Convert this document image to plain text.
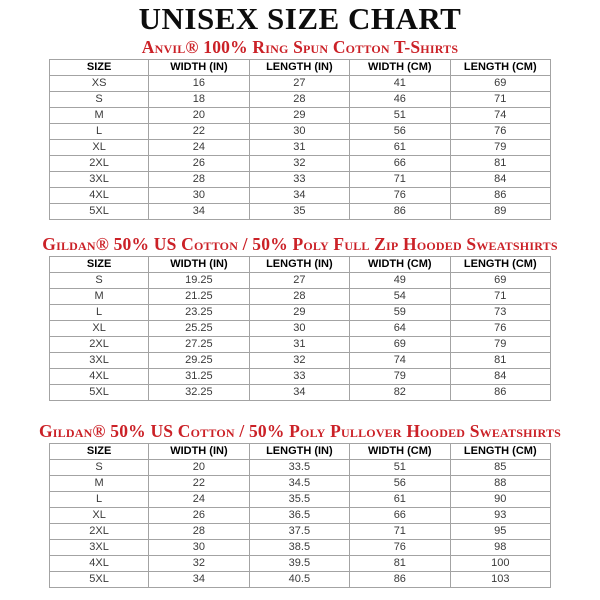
UNISEX SIZE CHART
Anvil® 100% Ring Spun Cotton T-Shirts
SIZE	WIDTH (IN)	LENGTH (IN)	WIDTH (CM)	LENGTH (CM)
XS	16	27	41	69
S	18	28	46	71
M	20	29	51	74
L	22	30	56	76
XL	24	31	61	79
2XL	26	32	66	81
3XL	28	33	71	84
4XL	30	34	76	86
5XL	34	35	86	89
Gildan® 50% US Cotton / 50% Poly Full Zip Hooded Sweatshirts
SIZE	WIDTH (IN)	LENGTH (IN)	WIDTH (CM)	LENGTH (CM)
S	19.25	27	49	69
M	21.25	28	54	71
L	23.25	29	59	73
XL	25.25	30	64	76
2XL	27.25	31	69	79
3XL	29.25	32	74	81
4XL	31.25	33	79	84
5XL	32.25	34	82	86
Gildan® 50% US Cotton / 50% Poly Pullover Hooded Sweatshirts
SIZE	WIDTH (IN)	LENGTH (IN)	WIDTH (CM)	LENGTH (CM)
S	20	33.5	51	85
M	22	34.5	56	88
L	24	35.5	61	90
XL	26	36.5	66	93
2XL	28	37.5	71	95
3XL	30	38.5	76	98
4XL	32	39.5	81	100
5XL	34	40.5	86	103
